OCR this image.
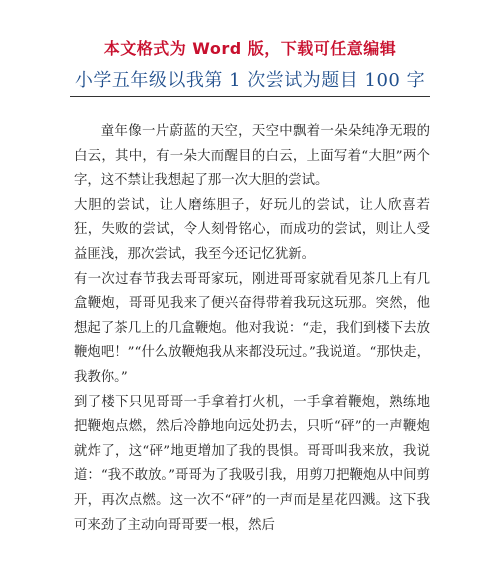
本文格式为 Word 版，下载可任意编辑
小学五年级以我第 1 次尝试为题目 100 字

童年像一片蔚蓝的天空，天空中飘着一朵朵纯净无瑕的白云，其中，有一朵大而醒目的白云，上面写着“大胆”两个字，这不禁让我想起了那一次大胆的尝试。

大胆的尝试，让人磨练胆子，好玩儿的尝试，让人欣喜若狂，失败的尝试，令人刻骨铭心，而成功的尝试，则让人受益匪浅，那次尝试，我至今还记忆犹新。

有一次过春节我去哥哥家玩，刚进哥哥家就看见茶几上有几盒鞭炮，哥哥见我来了便兴奋得带着我玩这玩那。突然，他想起了茶几上的几盒鞭炮。他对我说：“走，我们到楼下去放鞭炮吧！”“什么放鞭炮我从来都没玩过。”我说道。“那快走，我教你。”

到了楼下只见哥哥一手拿着打火机，一手拿着鞭炮，熟练地把鞭炮点燃，然后冷静地向远处扔去，只听“砰”的一声鞭炮就炸了，这“砰”地更增加了我的畏惧。哥哥叫我来放，我说道：“我不敢放。”哥哥为了我吸引我，用剪刀把鞭炮从中间剪开，再次点燃。这一次不“砰”的一声而是星花四溅。这下我可来劲了主动向哥哥要一根，然后
